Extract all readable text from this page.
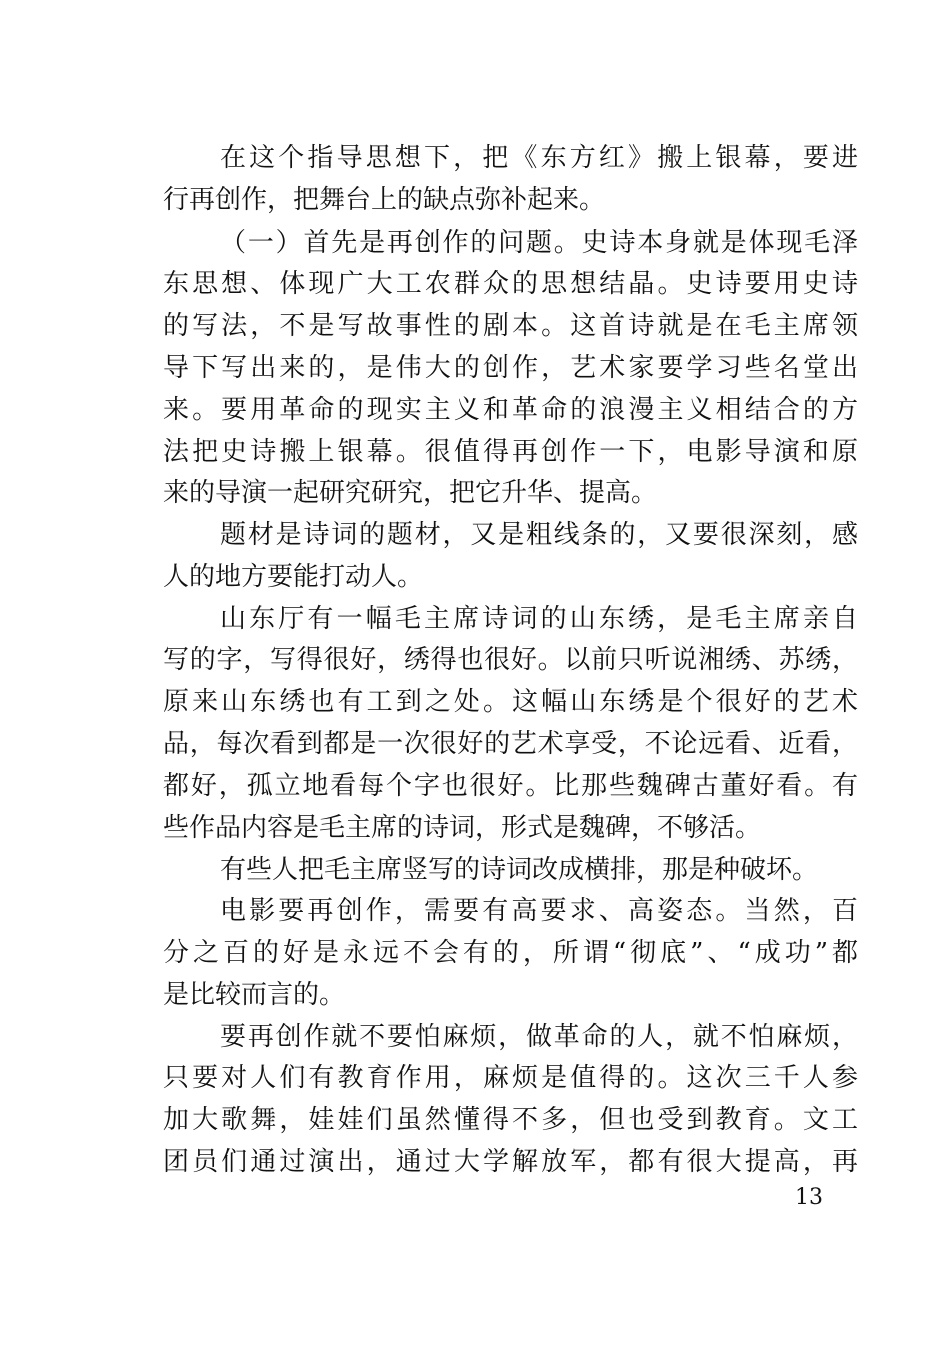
在这个指导思想下，把《东方红》搬上银幕，要进
行再创作，把舞台上的缺点弥补起来。
（一）首先是再创作的问题。史诗本身就是体现毛泽
东思想、体现广大工农群众的思想结晶。史诗要用史诗
的写法，不是写故事性的剧本。这首诗就是在毛主席领
导下写出来的，是伟大的创作，艺术家要学习些名堂出
来。要用革命的现实主义和革命的浪漫主义相结合的方
法把史诗搬上银幕。很值得再创作一下，电影导演和原
来的导演一起研究研究，把它升华、提高。
题材是诗词的题材，又是粗线条的，又要很深刻，感
人的地方要能打动人。
山东厅有一幅毛主席诗词的山东绣，是毛主席亲自
写的字，写得很好，绣得也很好。以前只听说湘绣、苏绣，
原来山东绣也有工到之处。这幅山东绣是个很好的艺术
品，每次看到都是一次很好的艺术享受，不论远看、近看，
都好，孤立地看每个字也很好。比那些魏碑古董好看。有
些作品内容是毛主席的诗词，形式是魏碑，不够活。
有些人把毛主席竖写的诗词改成横排，那是种破坏。
电影要再创作，需要有高要求、高姿态。当然，百
分之百的好是永远不会有的，所谓“彻底”、“成功”都
是比较而言的。
要再创作就不要怕麻烦，做革命的人，就不怕麻烦，
只要对人们有教育作用，麻烦是值得的。这次三千人参
加大歌舞，娃娃们虽然懂得不多，但也受到教育。文工
团员们通过演出，通过大学解放军，都有很大提高，再
13
